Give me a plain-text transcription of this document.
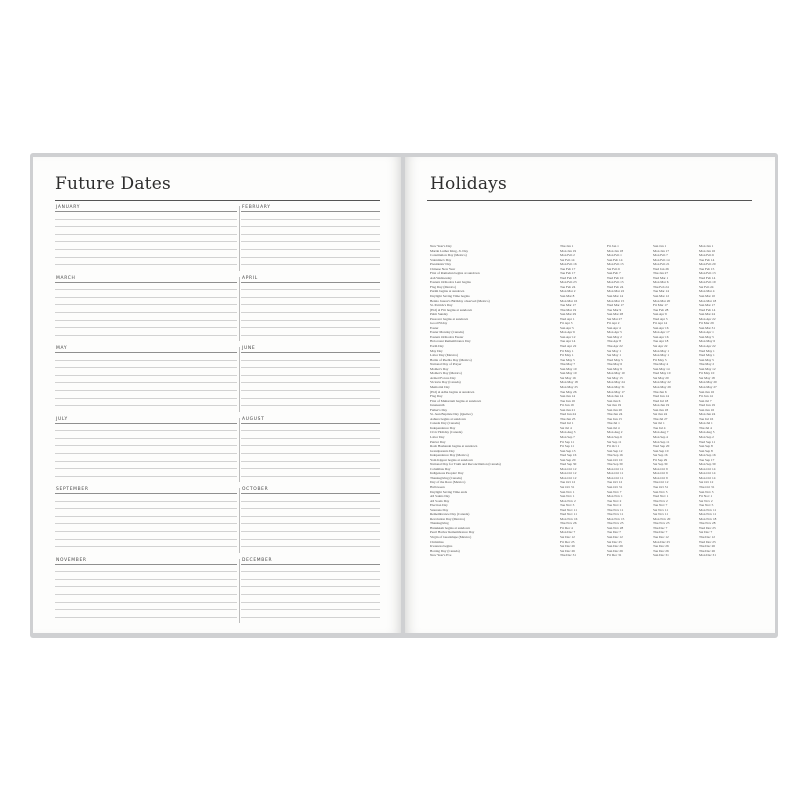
Future Dates
JANUARY	FEBRUARY
MARCH	APRIL
MAY	JUNE
JULY	AUGUST
SEPTEMBER	OCTOBER
NOVEMBER	DECEMBER
Holidays
New Year's Day	Thu Jan 1	Fri Jan 1	Sun Jan 1	Mon Jan 1
Martin Luther King, Jr. Day	Mon Jan 19	Mon Jan 18	Mon Jan 17	Mon Jan 16
Constitution Day (Mexico)	Mon Feb 2	Mon Feb 1	Mon Feb 7	Mon Feb 6
Valentine's Day	Sat Feb 14	Sun Feb 14	Mon Feb 14	Tue Feb 14
Presidents' Day	Mon Feb 16	Mon Feb 15	Mon Feb 21	Mon Feb 20
Chinese New Year	Tue Feb 17	Sat Feb 6	Wed Jan 26	Tue Feb 15
First of Ramadan begins at sundown	Tue Feb 17	Sun Feb 7	Thu Jan 27	Mon Feb 13
Ash Wednesday	Wed Feb 18	Wed Feb 10	Wed Mar 1	Wed Feb 14
Eastern Orthodox Lent begins	Mon Feb 23	Mon Feb 15	Mon Mar 6	Mon Feb 19
Flag Day (Mexico)	Tue Feb 24	Wed Feb 24	Thu Feb 24	Sat Feb 24
Purim begins at sundown	Mon Mar 2	Mon Mar 22	Tue Mar 14	Mon Mar 4
Daylight Saving Time begins	Sun Mar 8	Sun Mar 14	Sun Mar 12	Sun Mar 10
Benito Juarez's Birthday observed (Mexico)	Mon Mar 16	Mon Mar 15	Mon Mar 20	Mon Mar 18
St. Patrick's Day	Tue Mar 17	Wed Mar 17	Fri Mar 17	Sun Mar 17
(Eid) al Fitr begins at sundown	Thu Mar 19	Tue Mar 9	Tue Feb 28	Wed Feb 14
Palm Sunday	Sun Mar 29	Sun Mar 28	Sun Apr 9	Sun Mar 24
Passover begins at sundown	Wed Apr 1	Sat Mar 27	Wed Apr 5	Mon Apr 22
Good Friday	Fri Apr 3	Fri Apr 2	Fri Apr 14	Fri Mar 29
Easter	Sun Apr 5	Sun Apr 4	Sun Apr 16	Sun Mar 31
Easter Monday (Canada)	Mon Apr 6	Mon Apr 5	Mon Apr 17	Mon Apr 1
Eastern Orthodox Easter	Sun Apr 12	Sun May 2	Sun Apr 16	Sun May 5
Holocaust Remembrance Day	Tue Apr 14	Thu Apr 8	Tue Apr 18	Mon May 6
Earth Day	Wed Apr 22	Thu Apr 22	Sat Apr 22	Mon Apr 22
May Day	Fri May 1	Sat May 1	Mon May 1	Wed May 1
Labor Day (Mexico)	Fri May 1	Sat May 1	Mon May 1	Wed May 1
Battle of Puebla Day (Mexico)	Tue May 5	Wed May 5	Fri May 5	Sun May 5
National Day of Prayer	Thu May 7	Thu May 6	Thu May 4	Thu May 2
Mother's Day	Sun May 10	Sun May 9	Sun May 14	Sun May 12
Mother's Day (Mexico)	Sun May 10	Mon May 10	Wed May 10	Fri May 10
Armed Forces Day	Sat May 16	Sat May 15	Sat May 20	Sat May 18
Victoria Day (Canada)	Mon May 18	Mon May 24	Mon May 22	Mon May 20
Memorial Day	Mon May 25	Mon May 31	Mon May 29	Mon May 27
(Eid) al Adha begins at sundown	Tue May 26	Mon May 17	Thu Jun 6	Sun Jun 16
Flag Day	Sun Jun 14	Mon Jun 14	Wed Jun 14	Fri Jun 14
First of Muharram begins at sundown	Tue Jun 16	Sun Jun 6	Wed Jul 18	Sun Jul 7
Juneteenth	Fri Jun 19	Sat Jun 19	Mon Jun 19	Wed Jun 19
Father's Day	Sun Jun 21	Sun Jun 20	Sun Jun 18	Sun Jun 16
St. Jean Baptiste Day (Quebec)	Wed Jun 24	Thu Jun 24	Sat Jun 24	Mon Jun 24
Ashura begins at sundown	Thu Jun 25	Tue Jun 15	Thu Jul 27	Tue Jul 16
Canada Day (Canada)	Wed Jul 1	Thu Jul 1	Sat Jul 1	Mon Jul 1
Independence Day	Sat Jul 4	Sun Jul 4	Tue Jul 4	Thu Jul 4
Civic Holiday (Canada)	Mon Aug 3	Mon Aug 2	Mon Aug 7	Mon Aug 5
Labor Day	Mon Sep 7	Mon Sep 6	Mon Sep 4	Mon Sep 2
Patriot Day	Fri Sep 11	Sat Sep 11	Mon Sep 11	Wed Sep 11
Rosh Hashanah begins at sundown	Fri Sep 11	Fri Oct 1	Wed Sep 20	Sun Sep 8
Grandparents Day	Sun Sep 13	Sun Sep 12	Sun Sep 10	Sun Sep 8
Independence Day (Mexico)	Wed Sep 16	Thu Sep 16	Sat Sep 16	Mon Sep 16
Yom Kippur begins at sundown	Sun Sep 20	Sun Oct 10	Fri Sep 29	Tue Sep 17
National Day for Truth and Reconciliation (Canada)	Wed Sep 30	Thu Sep 30	Sat Sep 30	Mon Sep 30
Columbus Day	Mon Oct 12	Mon Oct 11	Mon Oct 9	Mon Oct 14
Indigenous Peoples' Day	Mon Oct 12	Mon Oct 11	Mon Oct 9	Mon Oct 14
Thanksgiving (Canada)	Mon Oct 12	Mon Oct 11	Mon Oct 9	Mon Oct 14
Day of the Race (Mexico)	Tue Oct 12	Tue Oct 12	Thu Oct 12	Sat Oct 12
Halloween	Sat Oct 31	Sun Oct 31	Tue Oct 31	Thu Oct 31
Daylight Saving Time ends	Sun Nov 1	Sun Nov 7	Sun Nov 5	Sun Nov 3
All Saints Day	Sun Nov 1	Mon Nov 1	Wed Nov 1	Fri Nov 1
All Souls Day	Mon Nov 2	Tue Nov 2	Thu Nov 2	Sat Nov 2
Election Day	Tue Nov 3	Tue Nov 2	Tue Nov 7	Tue Nov 5
Veterans Day	Wed Nov 11	Thu Nov 11	Sat Nov 11	Mon Nov 11
Remembrance Day (Canada)	Wed Nov 11	Thu Nov 11	Sat Nov 11	Mon Nov 11
Revolution Day (Mexico)	Mon Nov 16	Mon Nov 15	Mon Nov 20	Mon Nov 18
Thanksgiving	Thu Nov 26	Thu Nov 25	Thu Nov 23	Thu Nov 28
Hanukkah begins at sundown	Fri Dec 4	Sun Nov 28	Thu Dec 7	Wed Dec 25
Pearl Harbor Remembrance Day	Mon Dec 7	Tue Dec 7	Thu Dec 7	Sat Dec 7
Virgin of Guadalupe (Mexico)	Sat Dec 12	Sun Dec 12	Tue Dec 12	Thu Dec 12
Christmas	Fri Dec 25	Sat Dec 25	Mon Dec 25	Wed Dec 25
Kwanzaa begins	Sat Dec 26	Sun Dec 26	Tue Dec 26	Thu Dec 26
Boxing Day (Canada)	Sat Dec 26	Sun Dec 26	Tue Dec 26	Thu Dec 26
New Year's Eve	Thu Dec 31	Fri Dec 31	Sun Dec 31	Mon Dec 31
